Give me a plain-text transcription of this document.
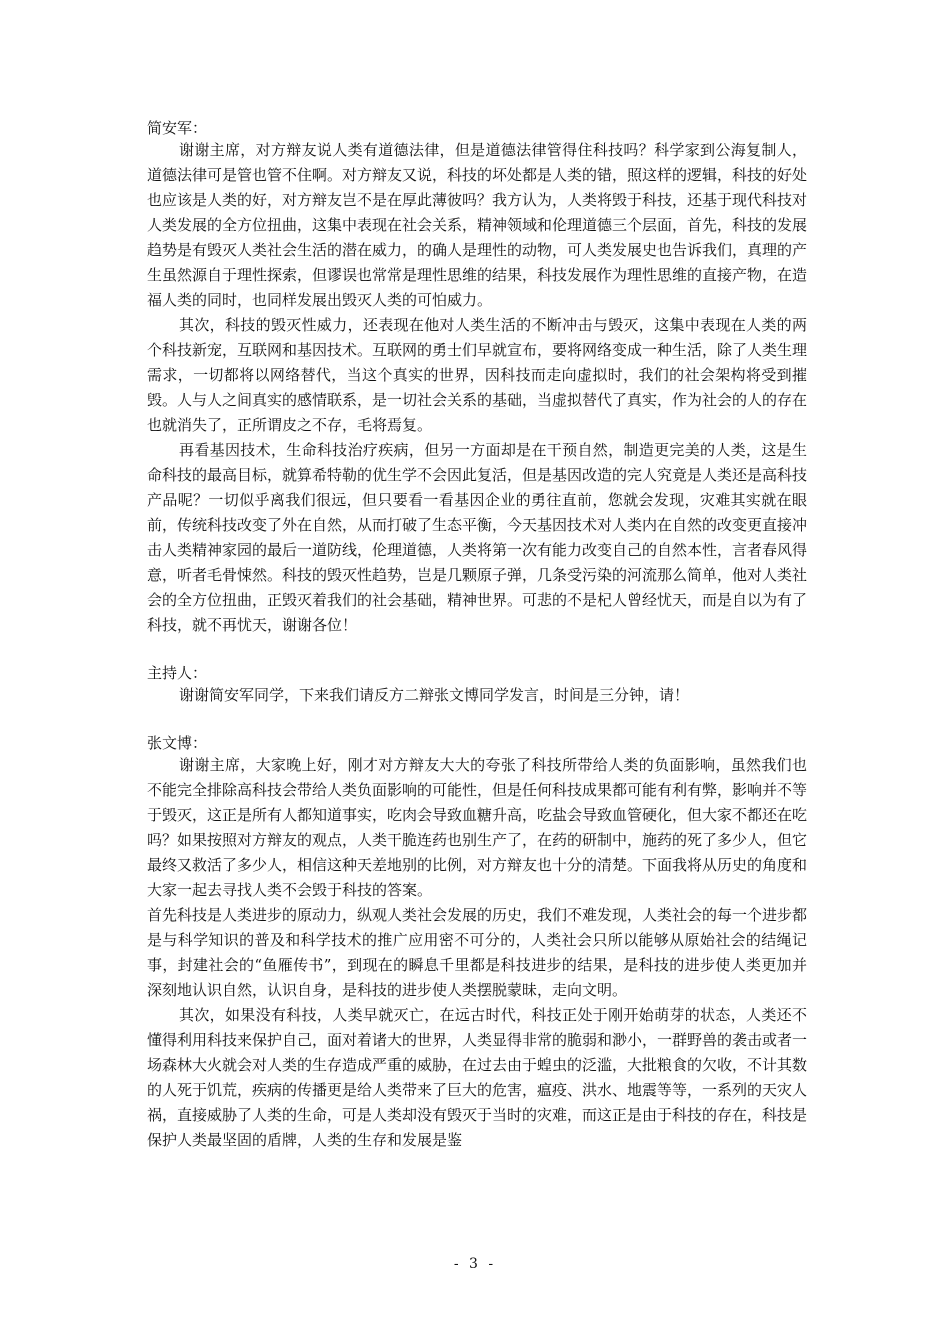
简安军：

谢谢主席，对方辩友说人类有道德法律，但是道德法律管得住科技吗？科学家到公海复制人，道德法律可是管也管不住啊。对方辩友又说，科技的坏处都是人类的错，照这样的逻辑，科技的好处也应该是人类的好，对方辩友岂不是在厚此薄彼吗？我方认为，人类将毁于科技，还基于现代科技对人类发展的全方位扭曲，这集中表现在社会关系，精神领域和伦理道德三个层面，首先，科技的发展趋势是有毁灭人类社会生活的潜在威力，的确人是理性的动物，可人类发展史也告诉我们，真理的产生虽然源自于理性探索，但谬误也常常是理性思维的结果，科技发展作为理性思维的直接产物，在造福人类的同时，也同样发展出毁灭人类的可怕威力。

其次，科技的毁灭性威力，还表现在他对人类生活的不断冲击与毁灭，这集中表现在人类的两个科技新宠，互联网和基因技术。互联网的勇士们早就宣布，要将网络变成一种生活，除了人类生理需求，一切都将以网络替代，当这个真实的世界，因科技而走向虚拟时，我们的社会架构将受到摧毁。人与人之间真实的感情联系，是一切社会关系的基础，当虚拟替代了真实，作为社会的人的存在也就消失了，正所谓皮之不存，毛将焉复。

再看基因技术，生命科技治疗疾病，但另一方面却是在干预自然，制造更完美的人类，这是生命科技的最高目标，就算希特勒的优生学不会因此复活，但是基因改造的完人究竟是人类还是高科技产品呢？一切似乎离我们很远，但只要看一看基因企业的勇往直前，您就会发现，灾难其实就在眼前，传统科技改变了外在自然，从而打破了生态平衡，今天基因技术对人类内在自然的改变更直接冲击人类精神家园的最后一道防线，伦理道德，人类将第一次有能力改变自己的自然本性，言者春风得意，听者毛骨悚然。科技的毁灭性趋势，岂是几颗原子弹，几条受污染的河流那么简单，他对人类社会的全方位扭曲，正毁灭着我们的社会基础，精神世界。可悲的不是杞人曾经忧天，而是自以为有了科技，就不再忧天，谢谢各位！

主持人：

谢谢简安军同学，下来我们请反方二辩张文博同学发言，时间是三分钟，请！

张文博：

谢谢主席，大家晚上好，刚才对方辩友大大的夸张了科技所带给人类的负面影响，虽然我们也不能完全排除高科技会带给人类负面影响的可能性，但是任何科技成果都可能有利有弊，影响并不等于毁灭，这正是所有人都知道事实，吃肉会导致血糖升高，吃盐会导致血管硬化，但大家不都还在吃吗？如果按照对方辩友的观点，人类干脆连药也别生产了，在药的研制中，施药的死了多少人，但它最终又救活了多少人，相信这种天差地别的比例，对方辩友也十分的清楚。下面我将从历史的角度和大家一起去寻找人类不会毁于科技的答案。

首先科技是人类进步的原动力，纵观人类社会发展的历史，我们不难发现，人类社会的每一个进步都是与科学知识的普及和科学技术的推广应用密不可分的，人类社会只所以能够从原始社会的结绳记事，封建社会的“鱼雁传书”，到现在的瞬息千里都是科技进步的结果，是科技的进步使人类更加并深刻地认识自然，认识自身，是科技的进步使人类摆脱蒙昧，走向文明。

其次，如果没有科技，人类早就灭亡，在远古时代，科技正处于刚开始萌芽的状态，人类还不懂得利用科技来保护自己，面对着诸大的世界，人类显得非常的脆弱和渺小，一群野兽的袭击或者一场森林大火就会对人类的生存造成严重的威胁，在过去由于蝗虫的泛滥，大批粮食的欠收，不计其数的人死于饥荒，疾病的传播更是给人类带来了巨大的危害，瘟疫、洪水、地震等等，一系列的天灾人祸，直接威胁了人类的生命，可是人类却没有毁灭于当时的灾难，而这正是由于科技的存在，科技是保护人类最坚固的盾牌，人类的生存和发展是鉴

- 3 -
